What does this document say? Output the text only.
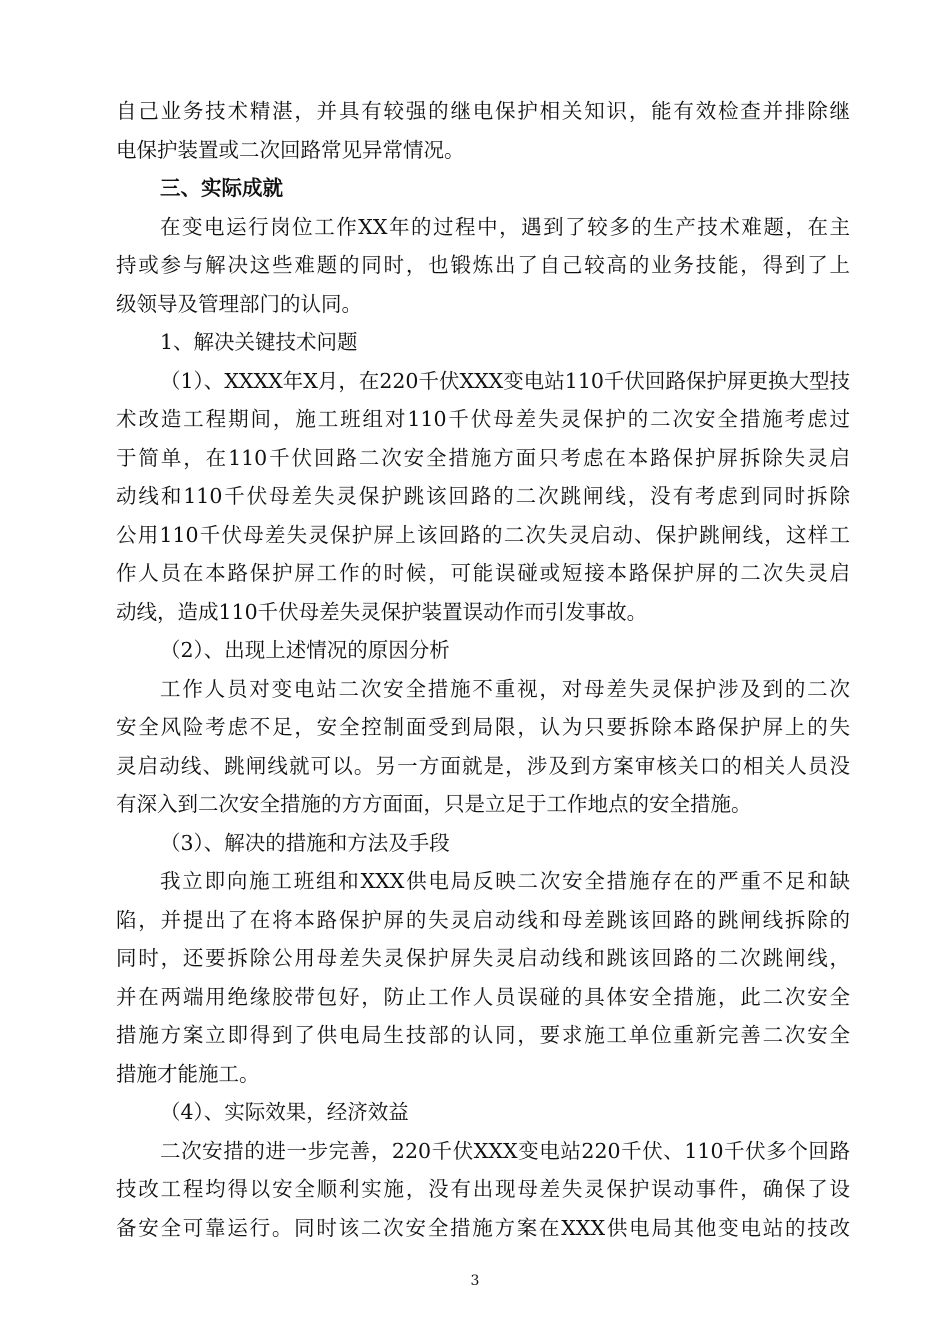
自己业务技术精湛，并具有较强的继电保护相关知识，能有效检查并排除继
电保护装置或二次回路常见异常情况。
三、实际成就
在变电运行岗位工作XX年的过程中，遇到了较多的生产技术难题，在主
持或参与解决这些难题的同时，也锻炼出了自己较高的业务技能，得到了上
级领导及管理部门的认同。
1、解决关键技术问题
（1）、XXXX年X月，在220千伏XXX变电站110千伏回路保护屏更换大型技
术改造工程期间，施工班组对110千伏母差失灵保护的二次安全措施考虑过
于简单，在110千伏回路二次安全措施方面只考虑在本路保护屏拆除失灵启
动线和110千伏母差失灵保护跳该回路的二次跳闸线，没有考虑到同时拆除
公用110千伏母差失灵保护屏上该回路的二次失灵启动、保护跳闸线，这样工
作人员在本路保护屏工作的时候，可能误碰或短接本路保护屏的二次失灵启
动线，造成110千伏母差失灵保护装置误动作而引发事故。
（2）、出现上述情况的原因分析
工作人员对变电站二次安全措施不重视，对母差失灵保护涉及到的二次
安全风险考虑不足，安全控制面受到局限，认为只要拆除本路保护屏上的失
灵启动线、跳闸线就可以。另一方面就是，涉及到方案审核关口的相关人员没
有深入到二次安全措施的方方面面，只是立足于工作地点的安全措施。
（3）、解决的措施和方法及手段
我立即向施工班组和XXX供电局反映二次安全措施存在的严重不足和缺
陷，并提出了在将本路保护屏的失灵启动线和母差跳该回路的跳闸线拆除的
同时，还要拆除公用母差失灵保护屏失灵启动线和跳该回路的二次跳闸线，
并在两端用绝缘胶带包好，防止工作人员误碰的具体安全措施，此二次安全
措施方案立即得到了供电局生技部的认同，要求施工单位重新完善二次安全
措施才能施工。
（4）、实际效果，经济效益
二次安措的进一步完善，220千伏XXX变电站220千伏、110千伏多个回路
技改工程均得以安全顺利实施，没有出现母差失灵保护误动事件，确保了设
备安全可靠运行。同时该二次安全措施方案在XXX供电局其他变电站的技改
3
